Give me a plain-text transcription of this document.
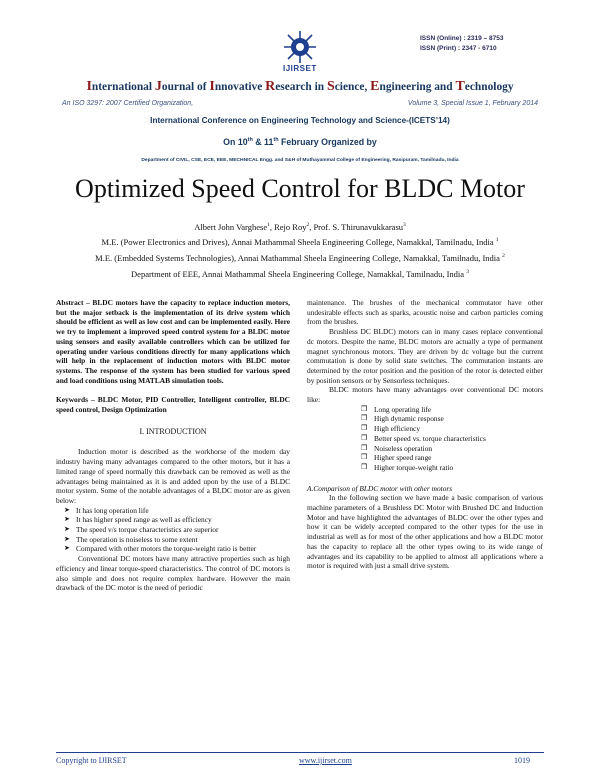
ISSN (Online) : 2319 – 8753
ISSN (Print) : 2347 - 6710
IJIRSET
International Journal of Innovative Research in Science, Engineering and Technology
An ISO 3297: 2007 Certified Organization,	Volume 3, Special Issue 1, February 2014
International Conference on Engineering Technology and Science-(ICETS’14)
On 10th & 11th February Organized by
Department of CIVIL, CSE, ECE, EEE, MECHNICAL Engg. and S&H of Muthayammal College of Engineering, Rasipuram, Tamilnadu, India
Optimized Speed Control for BLDC Motor
Albert John Varghese$^1$, Rejo Roy$^2$, Prof. S. Thirunavukkarasu$^3$
M.E. (Power Electronics and Drives), Annai Mathammal Sheela Engineering College, Namakkal, Tamilnadu, India $^1$
M.E. (Embedded Systems Technologies), Annai Mathammal Sheela Engineering College, Namakkal, Tamilnadu, India $^2$
Department of EEE, Annai Mathammal Sheela Engineering College, Namakkal, Tamilnadu, India $^3$

Abstract – BLDC motors have the capacity to replace induction motors, but the major setback is the implementation of its drive system which should be efficient as well as low cost and can be implemented easily. Here we try to implement a improved speed control system for a BLDC motor using sensors and easily available controllers which can be utilized for operating under various conditions directly for many applications which will help in the replacement of induction motors with BLDC motor systems. The response of the system has been studied for various speed and load conditions using MATLAB simulation tools.

Keywords – BLDC Motor, PID Controller, Intelligent controller, BLDC speed control, Design Optimization

I. INTRODUCTION

Induction motor is described as the workhorse of the modern day industry having many advantages compared to the other motors, but it has a limited range of speed normally this drawback can be removed as well as the advantages being maintained as it is and added upon by the use of a BLDC motor system. Some of the notable advantages of a BLDC motor are as given below:

➤ It has long operation life
➤ It has higher speed range as well as efficiency
➤ The speed v/s torque characteristics are superior
➤ The operation is noiseless to some extent
➤ Compared with other motors the torque-weight ratio is better

Conventional DC motors have many attractive properties such as high efficiency and linear torque-speed characteristics. The control of DC motors is also simple and does not require complex hardware. However the main drawback of the DC motor is the need of periodic

maintenance. The brushes of the mechanical commutator have other undesirable effects such as sparks, acoustic noise and carbon particles coming from the brushes.

Brushless DC BLDC) motors can in many cases replace conventional dc motors. Despite the name, BLDC motors are actually a type of permanent magnet synchronous motors. They are driven by dc voltage but the current commutation is done by solid state switches. The commutation instants are determined by the rotor position and the position of the rotor is detected either by position sensors or by Sensorless techniques.

BLDC motors have many advantages over conventional DC motors like:

❒ Long operating life
❒ High dynamic response
❒ High efficiency
❒ Better speed vs. torque characteristics
❒ Noiseless operation
❒ Higher speed range
❒ Higher torque-weight ratio

A.Comparison of BLDC motor with other motors

In the following section we have made a basic comparison of various machine parameters of a Brushless DC Motor with Brushed DC and Induction Motor and have highlighted the advantages of BLDC over the other types and how it can be widely accepted compared to the other types for the use in industrial as well as for most of the other applications and how a BLDC motor has the capacity to replace all the other types owing to its wide range of advantages and its capability to be applied to almost all applications where a motor is required with just a small drive system.

Copyright to IJIRSET	www.ijirset.com	1019
